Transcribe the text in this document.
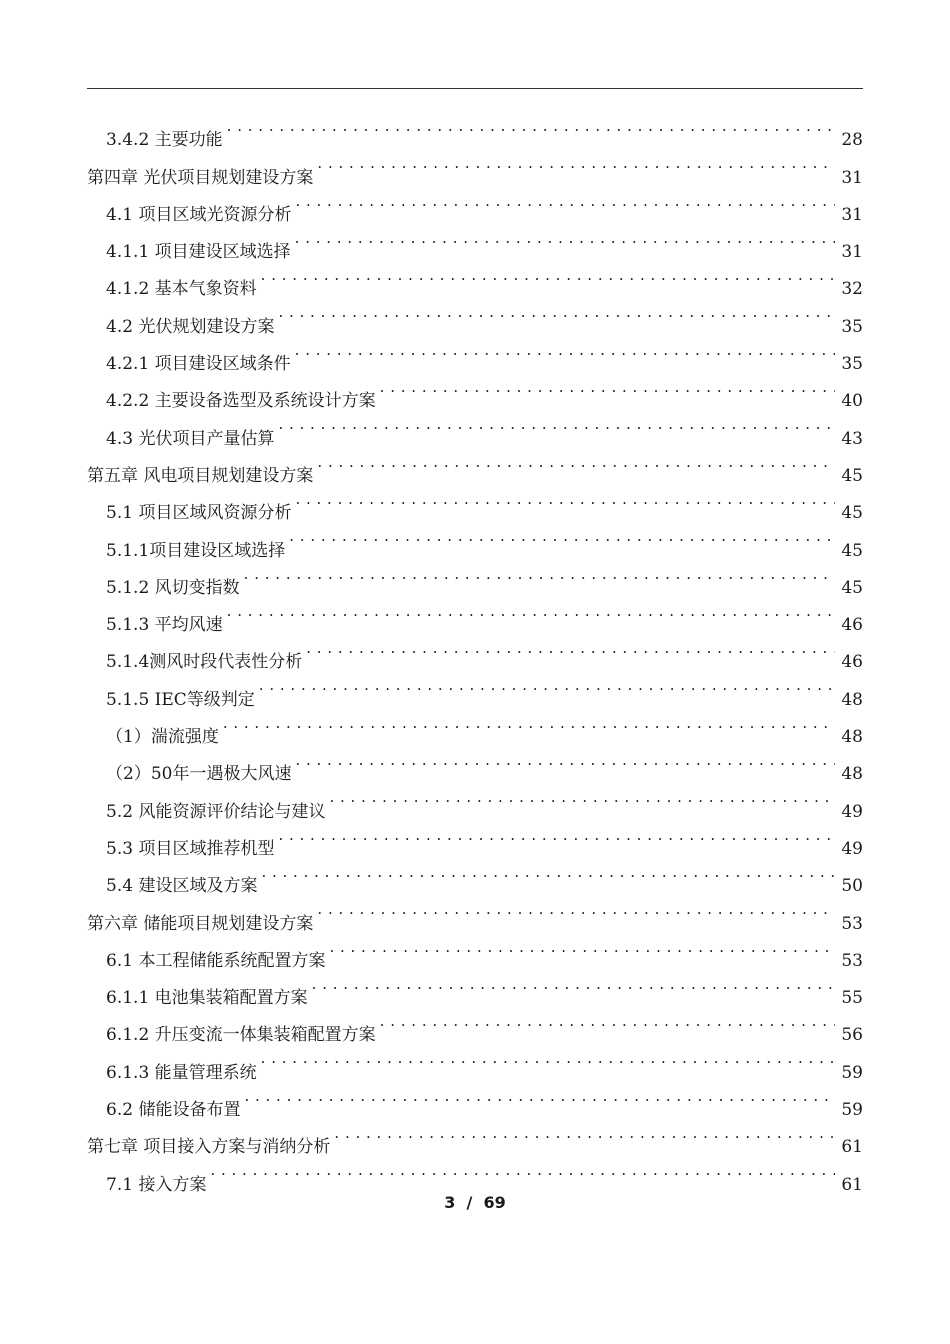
3.4.2 主要功能 . . .	28
第四章 光伏项目规划建设方案 . . .	31
4.1 项目区域光资源分析 . . .	31
4.1.1 项目建设区域选择 . . .	31
4.1.2 基本气象资料 . . .	32
4.2 光伏规划建设方案 . . .	35
4.2.1 项目建设区域条件 . . .	35
4.2.2 主要设备选型及系统设计方案 . . .	40
4.3 光伏项目产量估算 . . .	43
第五章 风电项目规划建设方案 . . .	45
5.1 项目区域风资源分析 . . .	45
5.1.1项目建设区域选择 . . .	45
5.1.2 风切变指数 . . .	45
5.1.3 平均风速 . . .	46
5.1.4测风时段代表性分析 . . .	46
5.1.5 IEC等级判定 . . .	48
（1）湍流强度 . . .	48
（2）50年一遇极大风速 . . .	48
5.2 风能资源评价结论与建议 . . .	49
5.3 项目区域推荐机型 . . .	49
5.4 建设区域及方案 . . .	50
第六章 储能项目规划建设方案 . . .	53
6.1 本工程储能系统配置方案 . . .	53
6.1.1 电池集装箱配置方案 . . .	55
6.1.2 升压变流一体集装箱配置方案 . . .	56
6.1.3 能量管理系统 . . .	59
6.2 储能设备布置 . . .	59
第七章 项目接入方案与消纳分析 . . .	61
7.1 接入方案 . . .	61
3  /  69
